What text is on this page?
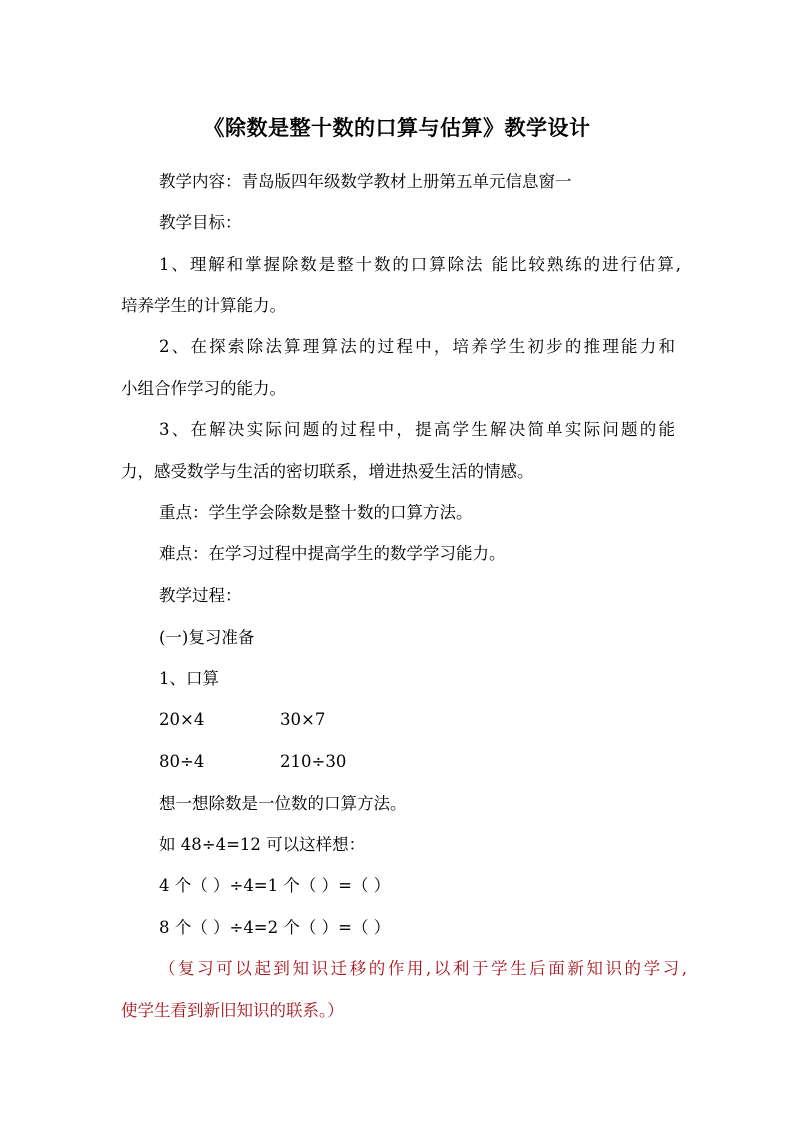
《除数是整十数的口算与估算》教学设计
教学内容：青岛版四年级数学教材上册第五单元信息窗一
教学目标：
1、理解和掌握除数是整十数的口算除法 能比较熟练的进行估算,
培养学生的计算能力。
2、在探索除法算理算法的过程中，培养学生初步的推理能力和
小组合作学习的能力。
3、在解决实际问题的过程中，提高学生解决简单实际问题的能
力，感受数学与生活的密切联系，增进热爱生活的情感。
重点：学生学会除数是整十数的口算方法。
难点：在学习过程中提高学生的数学学习能力。
教学过程：
(一)复习准备
1、口算
20×4	30×7
80÷4	210÷30
想一想除数是一位数的口算方法。
如 48÷4=12 可以这样想：
4 个（ ）÷4=1 个（ ）=（ ）
8 个（ ）÷4=2 个（ ）=（ ）
（复习可以起到知识迁移的作用,以利于学生后面新知识的学习,
使学生看到新旧知识的联系。）
